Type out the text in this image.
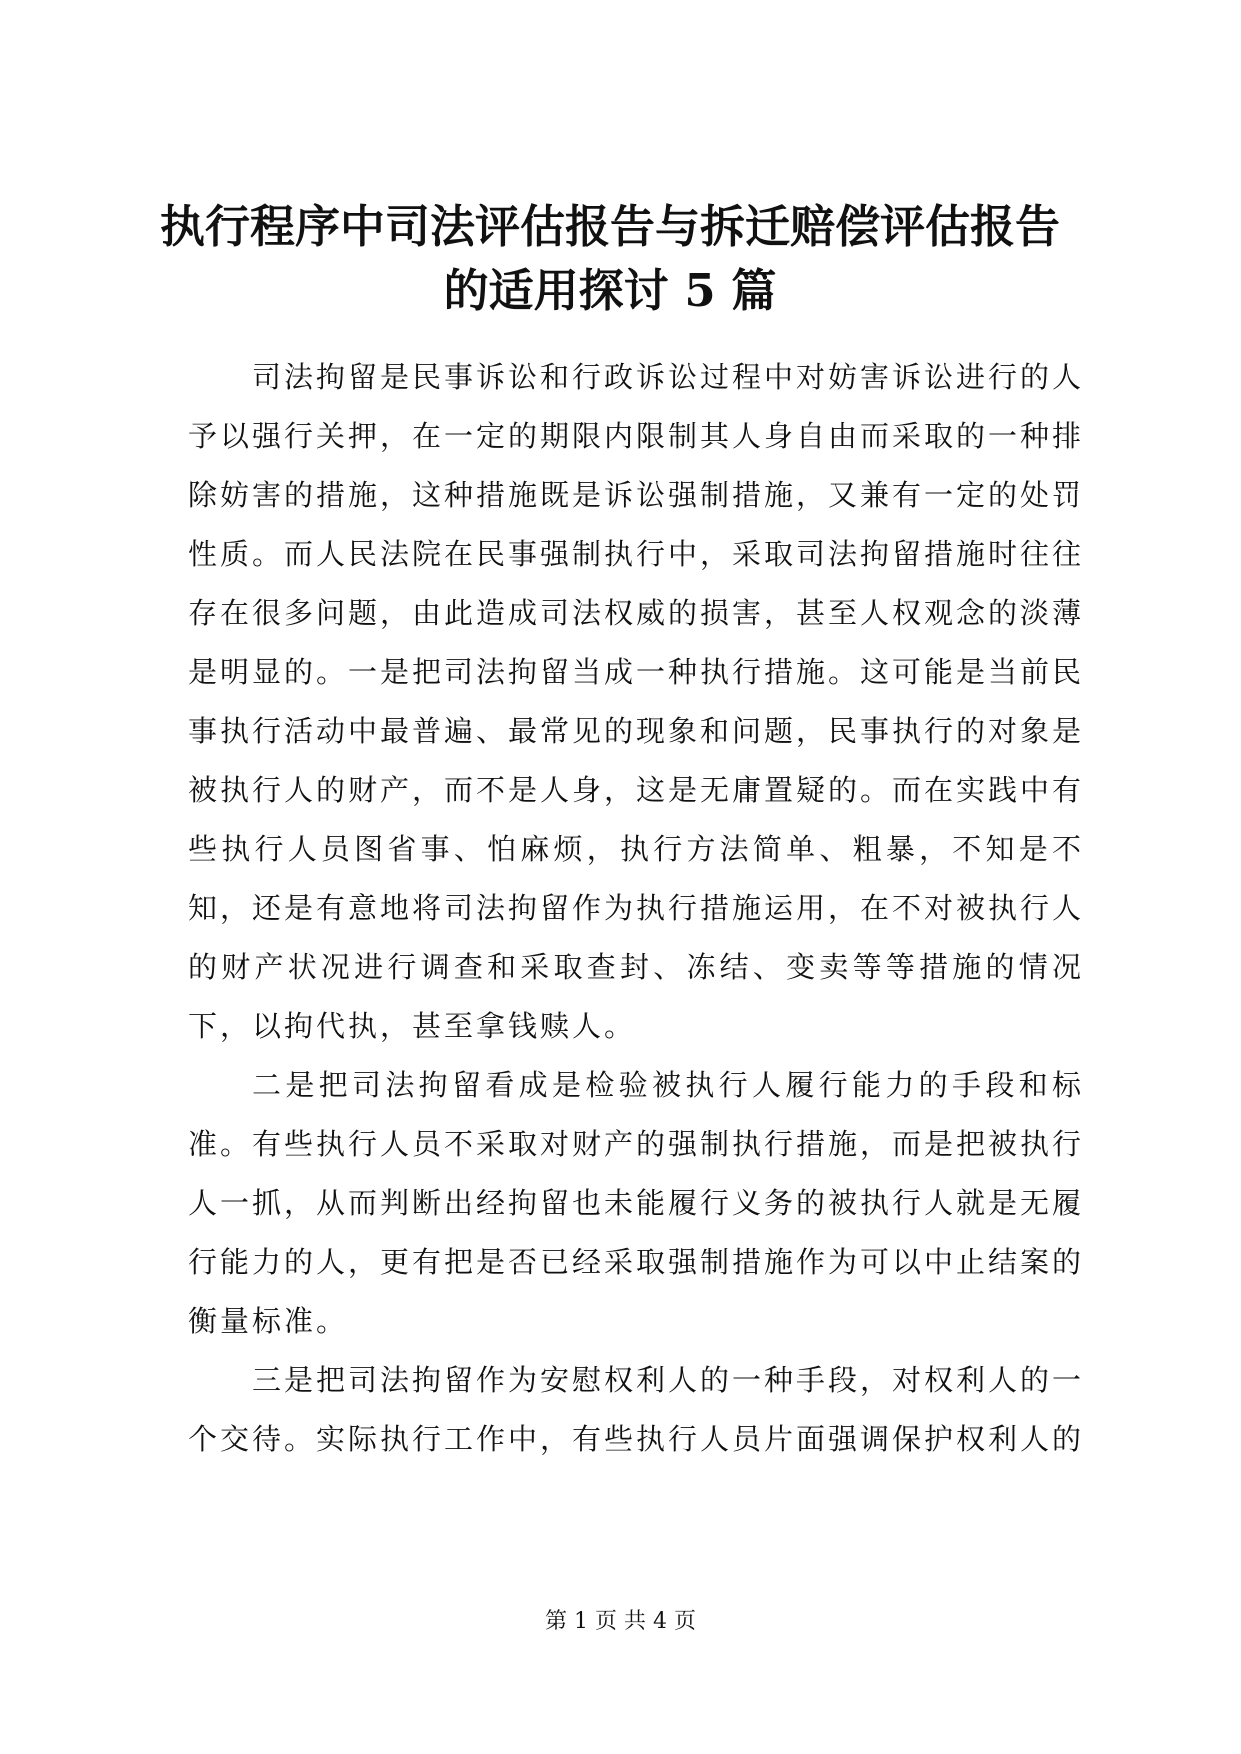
执行程序中司法评估报告与拆迁赔偿评估报告
的适用探讨 5 篇

司法拘留是民事诉讼和行政诉讼过程中对妨害诉讼进行的人予以强行关押，在一定的期限内限制其人身自由而采取的一种排除妨害的措施，这种措施既是诉讼强制措施，又兼有一定的处罚性质。而人民法院在民事强制执行中，采取司法拘留措施时往往存在很多问题，由此造成司法权威的损害，甚至人权观念的淡薄是明显的。一是把司法拘留当成一种执行措施。这可能是当前民事执行活动中最普遍、最常见的现象和问题，民事执行的对象是被执行人的财产，而不是人身，这是无庸置疑的。而在实践中有些执行人员图省事、怕麻烦，执行方法简单、粗暴，不知是不知，还是有意地将司法拘留作为执行措施运用，在不对被执行人的财产状况进行调查和采取查封、冻结、变卖等等措施的情况下，以拘代执，甚至拿钱赎人。

二是把司法拘留看成是检验被执行人履行能力的手段和标准。有些执行人员不采取对财产的强制执行措施，而是把被执行人一抓，从而判断出经拘留也未能履行义务的被执行人就是无履行能力的人，更有把是否已经采取强制措施作为可以中止结案的衡量标准。

三是把司法拘留作为安慰权利人的一种手段，对权利人的一个交待。实际执行工作中，有些执行人员片面强调保护权利人的

第 1 页 共 4 页
